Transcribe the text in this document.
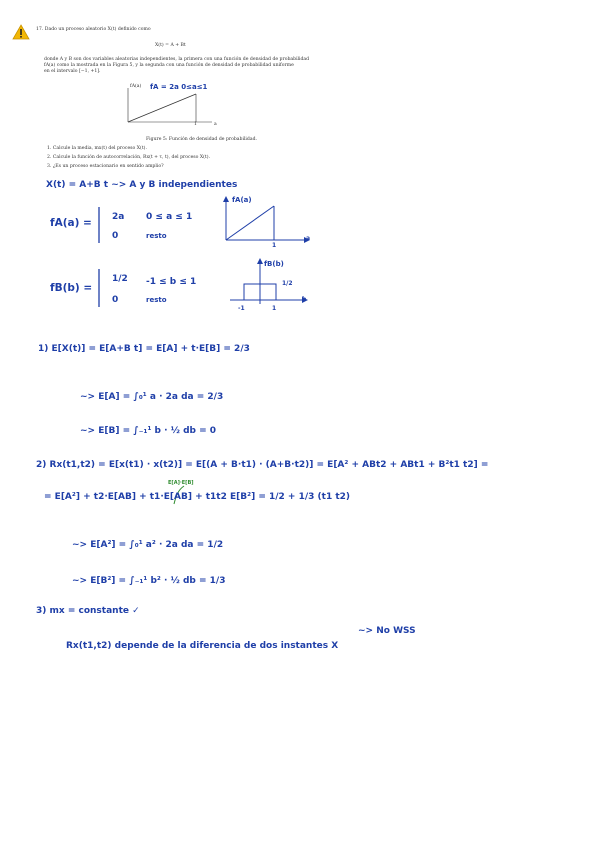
17. Dado un proceso aleatorio X(t) definido como
X(t) = A + Bt
donde A y B son dos variables aleatorias independientes, la primera con una función de densidad de probabilidad
fA(a) como la mostrada en la Figura 5, y la segunda con una función de densidad de probabilidad uniforme
en el intervalo [−1, +1].
fA(a)
1	a
fA = 2a 0≤a≤1
Figure 5: Función de densidad de probabilidad.
1. Calcule la media, mx(t) del proceso X(t).
2. Calcule la función de autocorrelación, Rx(t + τ, t), del proceso X(t).
3. ¿Es un proceso estacionario en sentido amplio?
X(t) = A+B t ~> A y B independientes
fA(a) = 2a 0 ≤ a ≤ 1
0	resto
fA(a)
1
a
fB(b) =
1/2 -1 ≤ b ≤ 1
0	resto
fB(b)
1/2
-1	1
b
1) E[X(t)] = E[A+B t] = E[A] + t·E[B] = 2/3
~> E[A] = ∫₀¹ a · 2a da = 2/3
~> E[B] = ∫₋₁¹ b · ½ db = 0
2) Rx(t1,t2) = E[x(t1) · x(t2)] = E[(A + B·t1) · (A+B·t2)] = E[A² + ABt2 + ABt1 + B²t1 t2] =
E[A]·E[B]
= E[A²] + t2·E[AB] + t1·E[AB] + t1t2 E[B²] = 1/2 + 1/3 (t1 t2)
~> E[A²] = ∫₀¹ a² · 2a da = 1/2
~> E[B²] = ∫₋₁¹ b² · ½ db = 1/3
3) mx = constante ✓
~> No WSS
Rx(t1,t2) depende de la diferencia de dos instantes X
